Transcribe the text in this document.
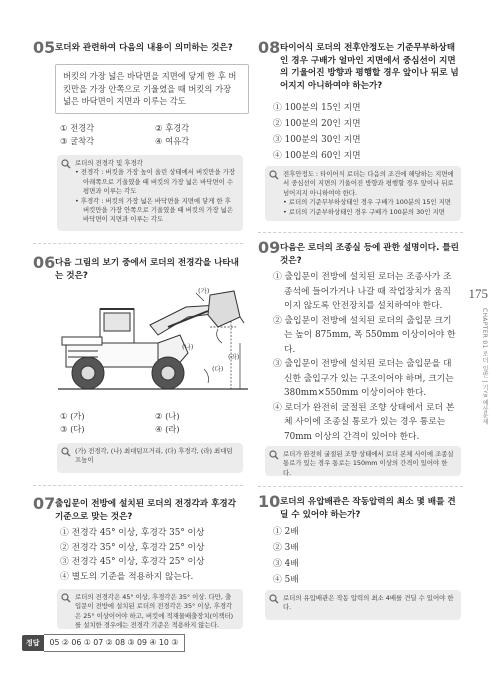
05 로더와 관련하여 다음의 내용이 의미하는 것은?
버킷의 가장 넓은 바닥면을 지면에 닿게 한 후 버킷만을 가장 안쪽으로 기울였을 때 버킷의 가장 넓은 바닥면이 지면과 이루는 각도
① 전경각	② 후경각
③ 굴착각	④ 여유각
로더의 전경각 및 후경각
• 전경각 : 버킷을 가장 높이 올린 상태에서 버킷만을 가장 아래쪽으로 기울였을 때 버킷의 가장 넓은 바닥면이 수평면과 이루는 각도
• 후경각 : 버킷의 가장 넓은 바닥면을 지면에 닿게 한 후 버킷만을 가장 안쪽으로 기울였을 때 버킷의 가장 넓은 바닥면이 지면과 이루는 각도
06 다음 그림의 보기 중에서 로더의 전경각을 나타내는 것은?
(가)
(나)
(다)
(라)
① (가)	② (나)
③ (다)	④ (라)
(가) 전경각, (나) 최대덤프거리, (다) 후경각, (라) 최대덤프높이
07 출입문이 전방에 설치된 로더의 전경각과 후경각 기준으로 맞는 것은?
① 전경각 45° 이상, 후경각 35° 이상
② 전경각 35° 이상, 후경각 25° 이상
③ 전경각 45° 이상, 후경각 25° 이상
④ 별도의 기준을 적용하지 않는다.
로더의 전경각은 45° 이상, 후경각은 35° 이상. 다만, 출입문이 전방에 설치된 로더의 전경각은 35° 이상, 후경각은 25° 이상이어야 하고, 버킷에 적재물배출장치(이젝터)를 설치한 경우에는 전경각 기준은 적용하지 않는다.
08 타이어식 로더의 전후안정도는 기준무부하상태인 경우 구배가 얼마인 지면에서 중심선이 지면의 기울어진 방향과 평행할 경우 앞이나 뒤로 넘어지지 아니하여야 하는가?
① 100분의 15인 지면
② 100분의 20인 지면
③ 100분의 30인 지면
④ 100분의 60인 지면
전후안정도 : 타이어식 로더는 다음의 조건에 해당하는 지면에서 중심선이 지면의 기울어진 방향과 평행할 경우 앞이나 뒤로 넘어지지 아니하여야 한다.
• 로더의 기준무부하상태인 경우 구배가 100분의 15인 지면
• 로더의 기준부하상태인 경우 구배가 100분의 30인 지면
09 다음은 로더의 조종실 등에 관한 설명이다. 틀린 것은?
① 출입문이 전방에 설치된 로더는 조종사가 조종석에 들어가거나 나갈 때 작업장치가 움직이지 않도록 안전장치를 설치하여야 한다.
② 출입문이 전방에 설치된 로더의 출입문 크기는 높이 875mm, 폭 550mm 이상이어야 한다.
③ 출입문이 전방에 설치된 로더는 출입문을 대신한 출입구가 있는 구조이어야 하며, 크기는 380mm×550mm 이상이어야 한다.
④ 로더가 완전히 굴절된 조향 상태에서 로더 본체 사이에 조종실 통로가 있는 경우 통로는 70mm 이상의 간격이 있어야 한다.
로더가 완전히 굴절된 조향 상태에서 로더 본체 사이에 조종실 통로가 있는 경우 통로는 150mm 이상의 간격이 있어야 한다.
10 로더의 유압배관은 작동압력의 최소 몇 배를 견딜 수 있어야 하는가?
① 2배
② 3배
③ 4배
④ 5배
로더의 유압배관은 작동 압력의 최소 4배를 견딜 수 있어야 한다.
175
CHAPTER 01 로더 일반 | 기출 예상문제
정답	05 ② 06 ① 07 ② 08 ③ 09 ④ 10 ③
